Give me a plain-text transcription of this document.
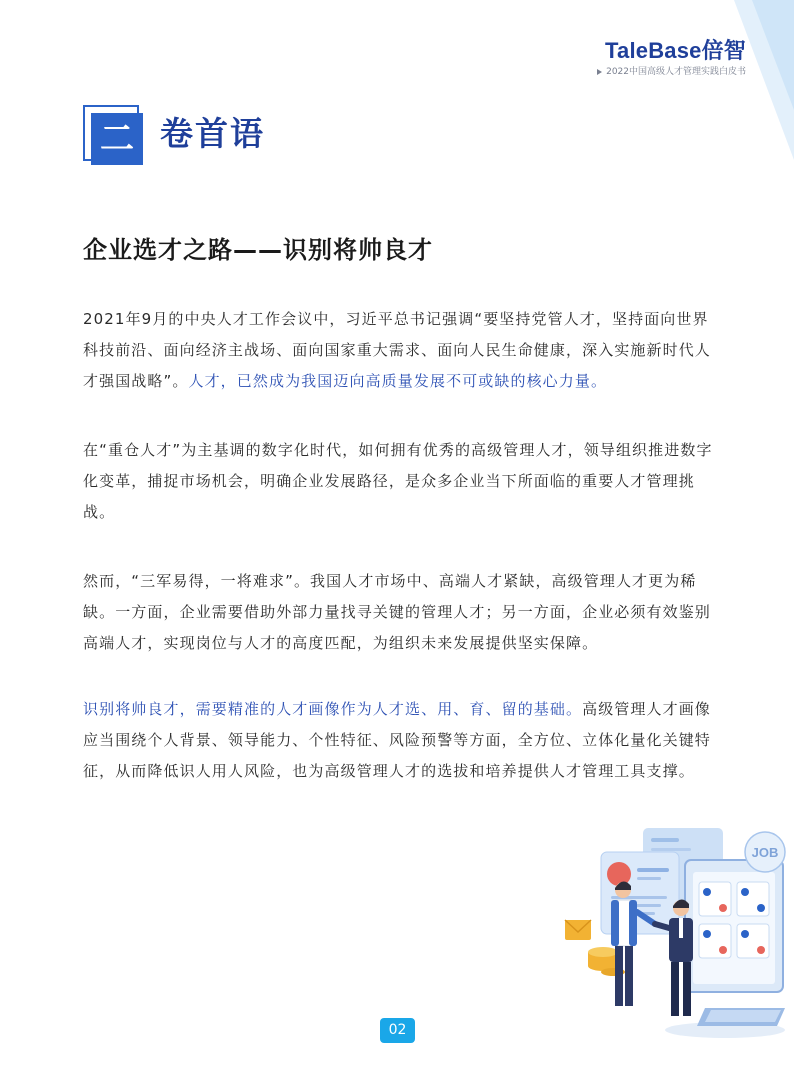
TaleBase倍智
2022中国高级人才管理实践白皮书
二 卷首语
企业选才之路——识别将帅良才
2021年9月的中央人才工作会议中，习近平总书记强调“要坚持党管人才，坚持面向世界科技前沿、面向经济主战场、面向国家重大需求、面向人民生命健康，深入实施新时代人才强国战略”。人才，已然成为我国迈向高质量发展不可或缺的核心力量。
在“重仓人才”为主基调的数字化时代，如何拥有优秀的高级管理人才，领导组织推进数字化变革，捕捉市场机会，明确企业发展路径，是众多企业当下所面临的重要人才管理挑战。
然而，“三军易得，一将难求”。我国人才市场中、高端人才紧缺，高级管理人才更为稀缺。一方面，企业需要借助外部力量找寻关键的管理人才；另一方面，企业必须有效鉴别高端人才，实现岗位与人才的高度匹配，为组织未来发展提供坚实保障。
识别将帅良才，需要精准的人才画像作为人才选、用、育、留的基础。高级管理人才画像应当围绕个人背景、领导能力、个性特征、风险预警等方面，全方位、立体化量化关键特征，从而降低识人用人风险，也为高级管理人才的选拔和培养提供人才管理工具支撑。
JOB
02
